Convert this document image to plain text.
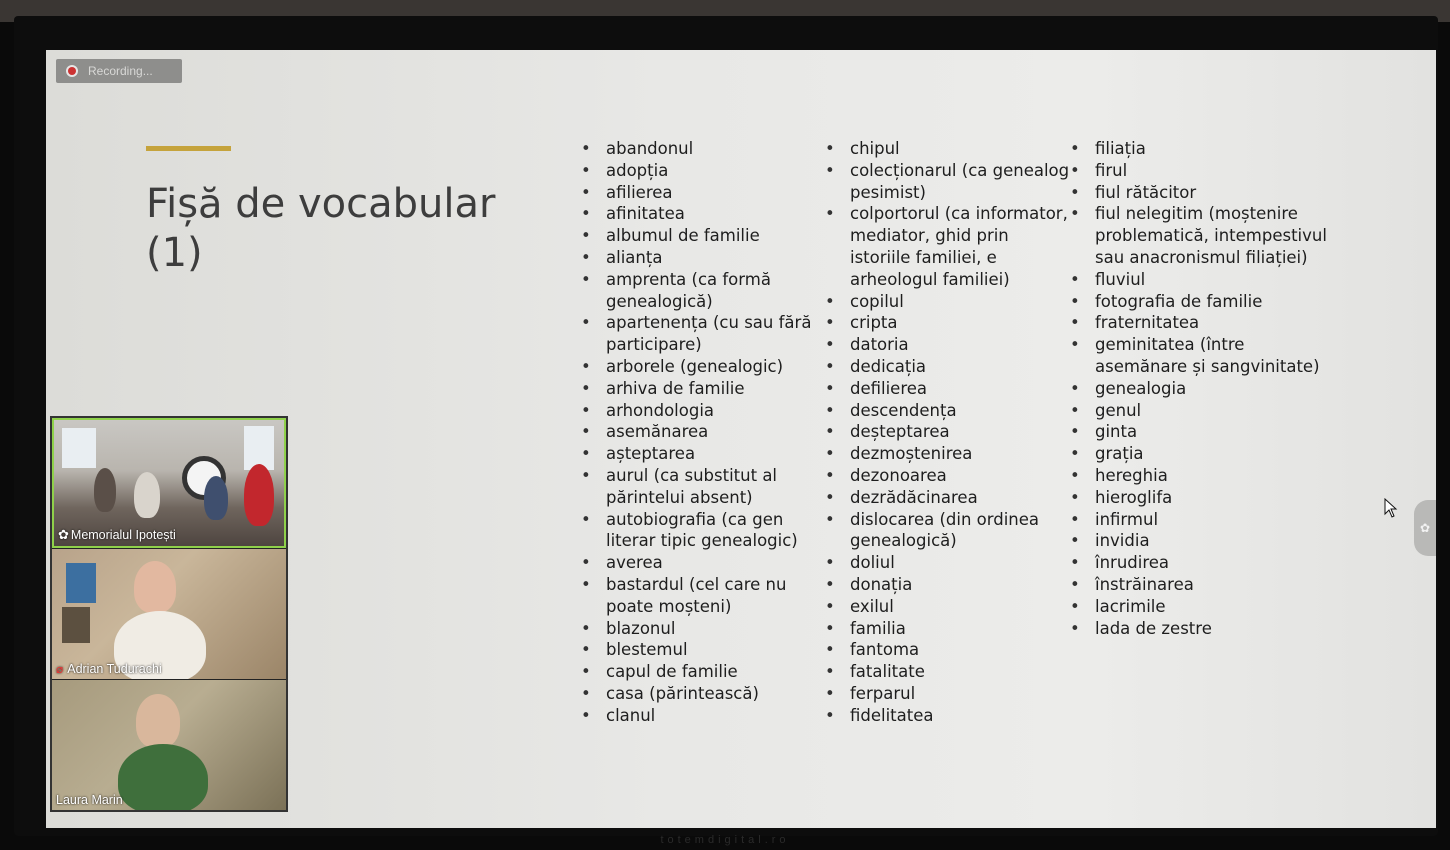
Recording...
Fișă de vocabular (1)
• abandonul
• adopția
• afilierea
• afinitatea
• albumul de familie
• alianța
• amprenta (ca formă genealogică)
• apartenența (cu sau fără participare)
• arborele (genealogic)
• arhiva de familie
• arhondologia
• asemănarea
• așteptarea
• aurul (ca substitut al părintelui absent)
• autobiografia (ca gen literar tipic genealogic)
• averea
• bastardul (cel care nu poate moșteni)
• blazonul
• blestemul
• capul de familie
• casa (părintească)
• clanul
• chipul
• colecționarul (ca genealog pesimist)
• colportorul (ca informator, mediator, ghid prin istoriile familiei, e arheologul familiei)
• copilul
• cripta
• datoria
• dedicația
• defilierea
• descendența
• deșteptarea
• dezmoștenirea
• dezonoarea
• dezrădăcinarea
• dislocarea (din ordinea genealogică)
• doliul
• donația
• exilul
• familia
• fantoma
• fatalitate
• ferparul
• fidelitatea
• filiația
• firul
• fiul rătăcitor
• fiul nelegitim (moștenire problematică, intempestivul sau anacronismul filiației)
• fluviul
• fotografia de familie
• fraternitatea
• geminitatea (între asemănare și sangvinitate)
• genealogia
• genul
• ginta
• grația
• hereghia
• hieroglifa
• infirmul
• invidia
• înrudirea
• înstrăinarea
• lacrimile
• lada de zestre
✿ Memorialul Ipotești
⌀ Adrian Tudurachi
Laura Marin
✿
totemdigital.ro
